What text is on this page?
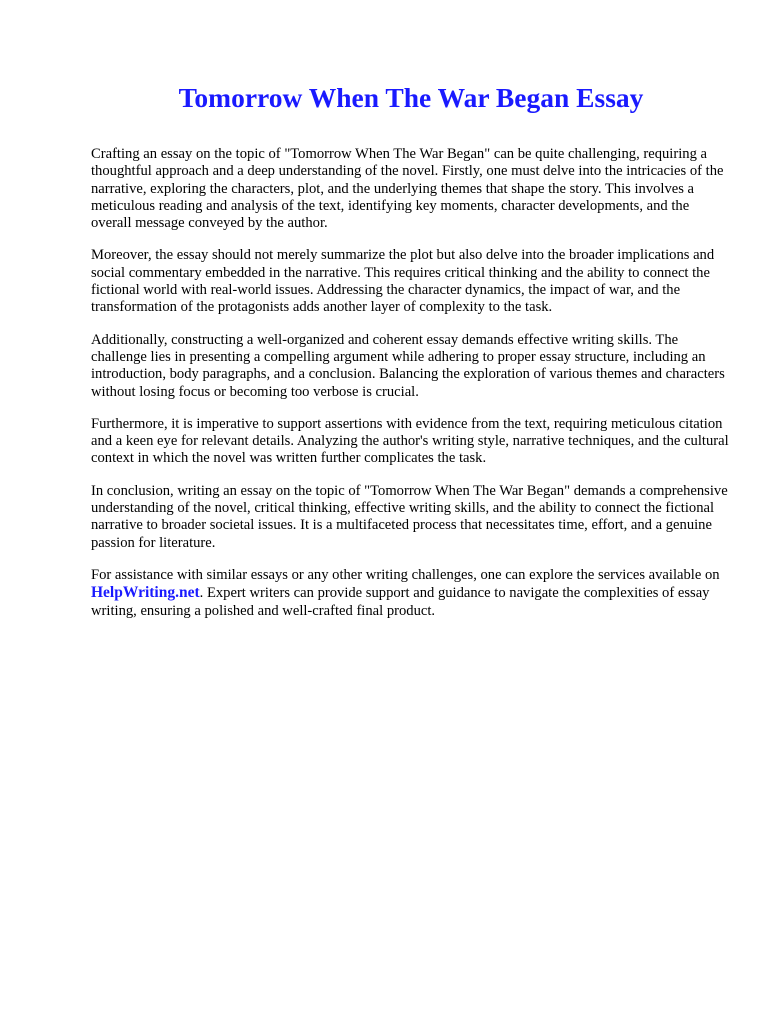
Tomorrow When The War Began Essay

Crafting an essay on the topic of "Tomorrow When The War Began" can be quite challenging, requiring a thoughtful approach and a deep understanding of the novel. Firstly, one must delve into the intricacies of the narrative, exploring the characters, plot, and the underlying themes that shape the story. This involves a meticulous reading and analysis of the text, identifying key moments, character developments, and the overall message conveyed by the author.

Moreover, the essay should not merely summarize the plot but also delve into the broader implications and social commentary embedded in the narrative. This requires critical thinking and the ability to connect the fictional world with real-world issues. Addressing the character dynamics, the impact of war, and the transformation of the protagonists adds another layer of complexity to the task.

Additionally, constructing a well-organized and coherent essay demands effective writing skills. The challenge lies in presenting a compelling argument while adhering to proper essay structure, including an introduction, body paragraphs, and a conclusion. Balancing the exploration of various themes and characters without losing focus or becoming too verbose is crucial.

Furthermore, it is imperative to support assertions with evidence from the text, requiring meticulous citation and a keen eye for relevant details. Analyzing the author's writing style, narrative techniques, and the cultural context in which the novel was written further complicates the task.

In conclusion, writing an essay on the topic of "Tomorrow When The War Began" demands a comprehensive understanding of the novel, critical thinking, effective writing skills, and the ability to connect the fictional narrative to broader societal issues. It is a multifaceted process that necessitates time, effort, and a genuine passion for literature.

For assistance with similar essays or any other writing challenges, one can explore the services available on HelpWriting.net. Expert writers can provide support and guidance to navigate the complexities of essay writing, ensuring a polished and well-crafted final product.
